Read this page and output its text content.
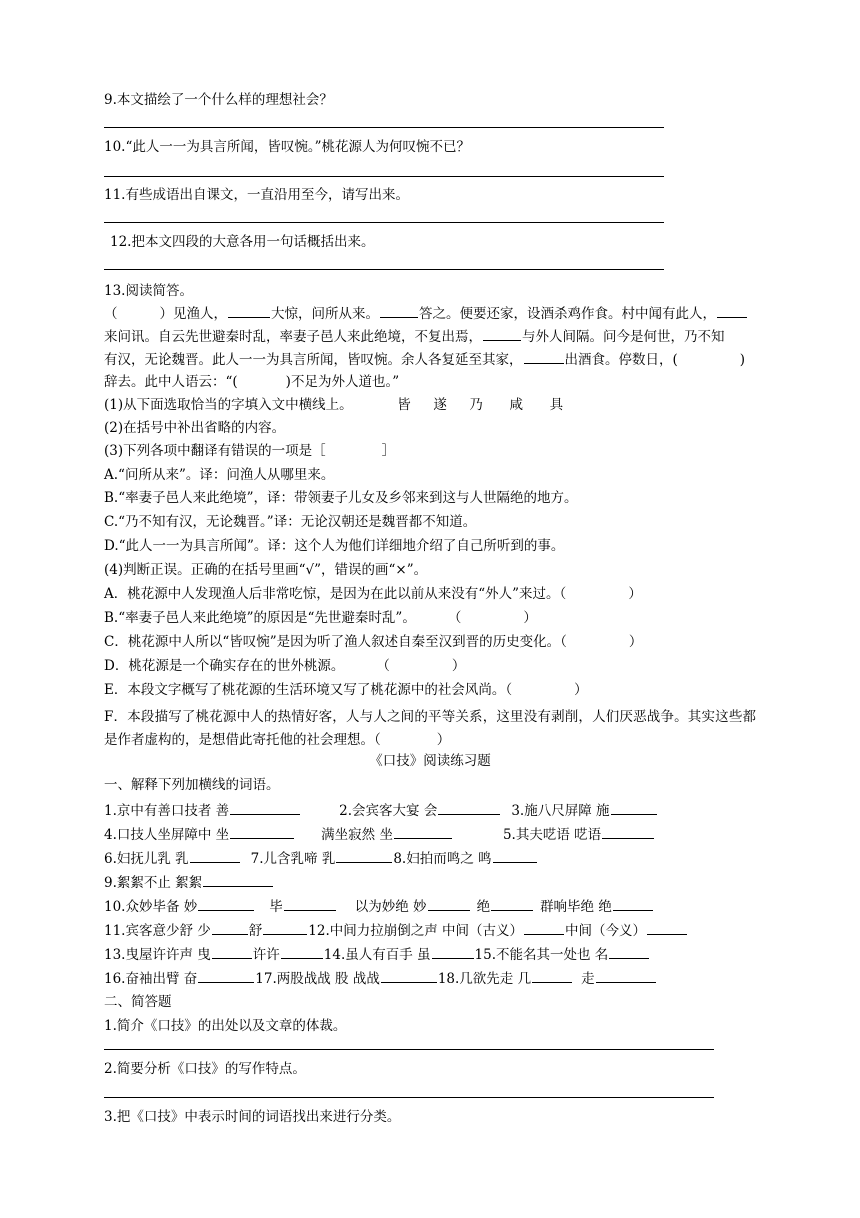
9.本文描绘了一个什么样的理想社会？
10.“此人一一为具言所闻，皆叹惋。”桃花源人为何叹惋不已？
11.有些成语出自课文，一直沿用至今，请写出来。
12.把本文四段的大意各用一句话概括出来。
13.阅读简答。
（	）见渔人，	大惊，问所从来。	答之。便要还家，设酒杀鸡作食。村中闻有此人，
来问讯。自云先世避秦时乱，率妻子邑人来此绝境，不复出焉，	与外人间隔。问今是何世，乃不知
有汉，无论魏晋。此人一一为具言所闻，皆叹惋。余人各复延至其家，	出酒食。停数日，(	)
辞去。此中人语云：“(	)不足为外人道也。”
(1)从下面选取恰当的字填入文中横线上。	皆 遂 乃 咸 具
(2)在括号中补出省略的内容。
(3)下列各项中翻译有错误的一项是［	］
A.“问所从来”。译：问渔人从哪里来。
B.“率妻子邑人来此绝境”，译：带领妻子儿女及乡邻来到这与人世隔绝的地方。
C.“乃不知有汉，无论魏晋。”译：无论汉朝还是魏晋都不知道。
D.“此人一一为具言所闻”。译：这个人为他们详细地介绍了自己所听到的事。
(4)判断正误。正确的在括号里画“√”，错误的画“×”。
A．桃花源中人发现渔人后非常吃惊，是因为在此以前从来没有“外人”来过。（	）
B.“率妻子邑人来此绝境”的原因是“先世避秦时乱”。 （	）
C．桃花源中人所以“皆叹惋”是因为听了渔人叙述自秦至汉到晋的历史变化。（	）
D．桃花源是一个确实存在的世外桃源。 （	）
E．本段文字概写了桃花源的生活环境又写了桃花源中的社会风尚。（	）
F．本段描写了桃花源中人的热情好客，人与人之间的平等关系，这里没有剥削，人们厌恶战争。其实这些都是作者虚构的，是想借此寄托他的社会理想。（	）
《口技》阅读练习题
一、解释下列加横线的词语。
1.京中有善口技者 善	2.会宾客大宴 会	3.施八尺屏障 施
4.口技人坐屏障中 坐	满坐寂然 坐	5.其夫呓语 呓语
6.妇抚儿乳 乳	7.儿含乳啼 乳	8.妇拍而鸣之 鸣
9.絮絮不止 絮絮
10.众妙毕备 妙	毕	以为妙绝 妙	绝	群响毕绝 绝
11.宾客意少舒 少	舒	12.中间力拉崩倒之声 中间（古义）	中间（今义）
13.曳屋许许声 曳	许许	14.虽人有百手 虽	15.不能名其一处也 名
16.奋袖出臂 奋	17.两股战战 股 战战	18.几欲先走 几	走
二、简答题
1.简介《口技》的出处以及文章的体裁。
2.简要分析《口技》的写作特点。
3.把《口技》中表示时间的词语找出来进行分类。
